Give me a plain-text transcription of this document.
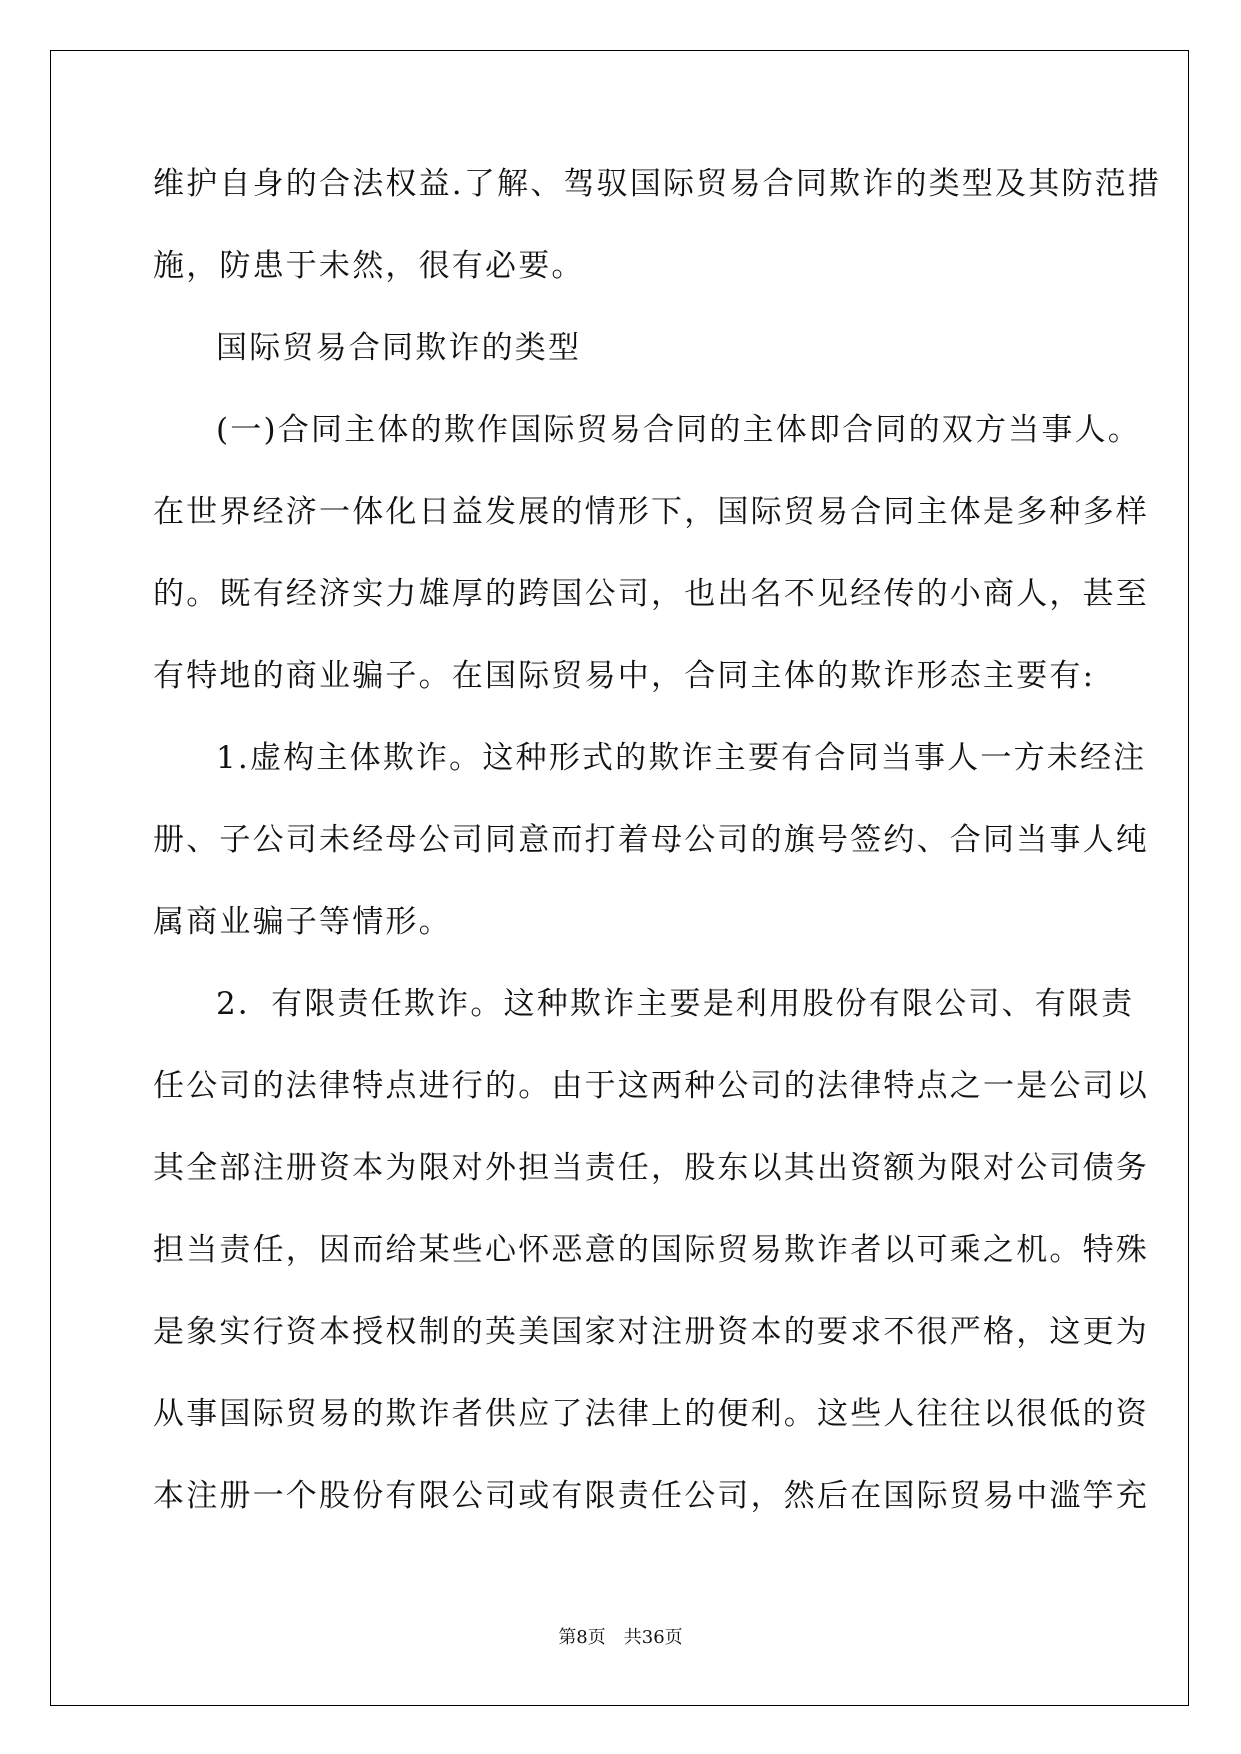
维护自身的合法权益.了解、驾驭国际贸易合同欺诈的类型及其防范措
施，防患于未然，很有必要。
国际贸易合同欺诈的类型
(一)合同主体的欺作国际贸易合同的主体即合同的双方当事人。
在世界经济一体化日益发展的情形下，国际贸易合同主体是多种多样
的。既有经济实力雄厚的跨国公司，也出名不见经传的小商人，甚至
有特地的商业骗子。在国际贸易中，合同主体的欺诈形态主要有:
1.虚构主体欺诈。这种形式的欺诈主要有合同当事人一方未经注
册、子公司未经母公司同意而打着母公司的旗号签约、合同当事人纯
属商业骗子等情形。
2．有限责任欺诈。这种欺诈主要是利用股份有限公司、有限责
任公司的法律特点进行的。由于这两种公司的法律特点之一是公司以
其全部注册资本为限对外担当责任，股东以其出资额为限对公司债务
担当责任，因而给某些心怀恶意的国际贸易欺诈者以可乘之机。特殊
是象实行资本授权制的英美国家对注册资本的要求不很严格，这更为
从事国际贸易的欺诈者供应了法律上的便利。这些人往往以很低的资
本注册一个股份有限公司或有限责任公司，然后在国际贸易中滥竽充
第8页　共36页
